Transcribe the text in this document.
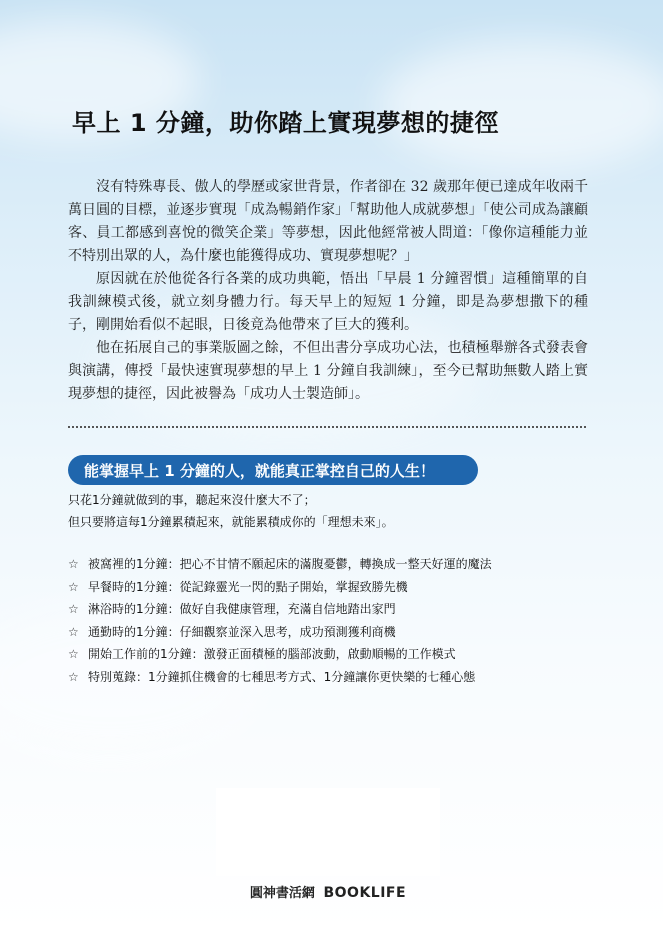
早上 1 分鐘，助你踏上實現夢想的捷徑

沒有特殊專長、傲人的學歷或家世背景，作者卻在 32 歲那年便已達成年收兩千萬日圓的目標，並逐步實現「成為暢銷作家」「幫助他人成就夢想」「使公司成為讓顧客、員工都感到喜悅的微笑企業」等夢想，因此他經常被人問道：「像你這種能力並不特別出眾的人，為什麼也能獲得成功、實現夢想呢？」

原因就在於他從各行各業的成功典範，悟出「早晨 1 分鐘習慣」這種簡單的自我訓練模式後，就立刻身體力行。每天早上的短短 1 分鐘，即是為夢想撒下的種子，剛開始看似不起眼，日後竟為他帶來了巨大的獲利。

他在拓展自己的事業版圖之餘，不但出書分享成功心法，也積極舉辦各式發表會與演講，傳授「最快速實現夢想的早上 1 分鐘自我訓練」，至今已幫助無數人踏上實現夢想的捷徑，因此被譽為「成功人士製造師」。

能掌握早上 1 分鐘的人，就能真正掌控自己的人生！
只花1分鐘就做到的事，聽起來沒什麼大不了；
但只要將這每1分鐘累積起來，就能累積成你的「理想未來」。
☆ 被窩裡的1分鐘：把心不甘情不願起床的滿腹憂鬱，轉換成一整天好運的魔法
☆ 早餐時的1分鐘：從記錄靈光一閃的點子開始，掌握致勝先機
☆ 淋浴時的1分鐘：做好自我健康管理，充滿自信地踏出家門
☆ 通勤時的1分鐘：仔細觀察並深入思考，成功預測獲利商機
☆ 開始工作前的1分鐘：激發正面積極的腦部波動，啟動順暢的工作模式
☆ 特別蒐錄：1分鐘抓住機會的七種思考方式、1分鐘讓你更快樂的七種心態
圓神書活網 BOOKLIFE
